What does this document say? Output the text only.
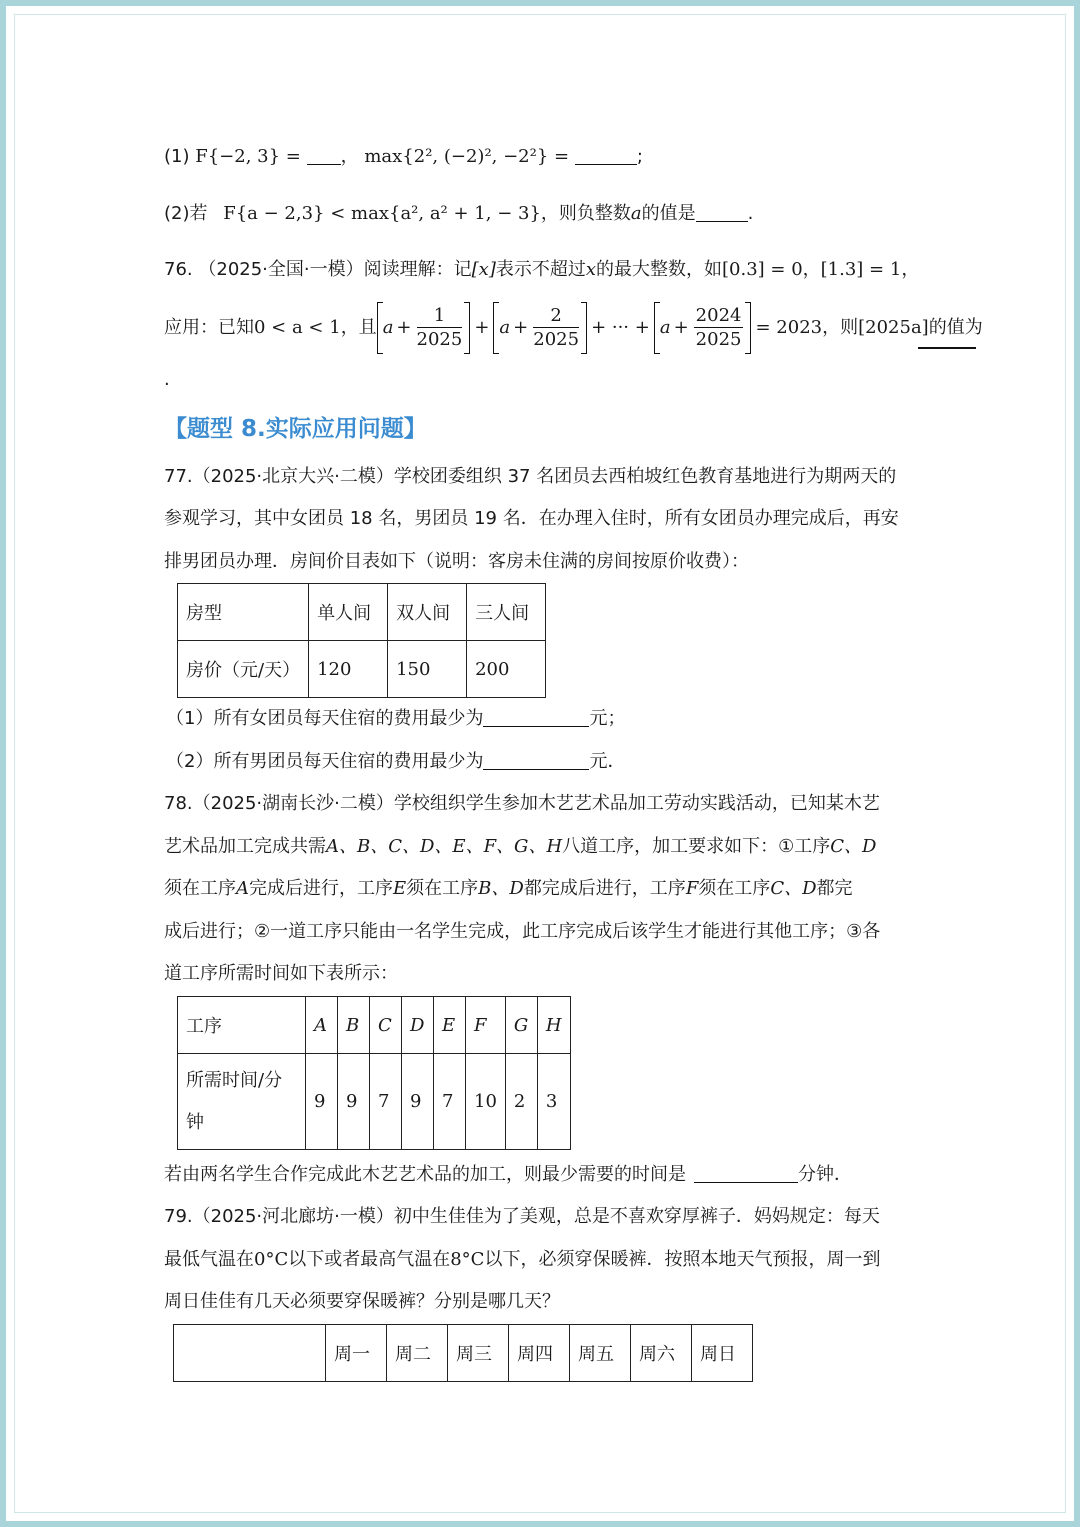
(1) F{−2, 3} = ， max{2², (−2)², −2²} =	;
(2)若 F{a − 2,3} < max{a², a² + 1, − 3}，则负整数a的值是	.
76. （2025·全国·一模）阅读理解：记[x]表示不超过x的最大整数，如[0.3] = 0，[1.3] = 1，
应用：已知 0 < a < 1 ，且 $a + \frac{1}{2025} + a + \frac{2}{2025}$ + ··· + $a + \frac{2024}{2025} = 2023$ ，则 [2025a] 的值为
.
【题型 8.实际应用问题】
77.（2025·北京大兴·二模）学校团委组织 37 名团员去西柏坡红色教育基地进行为期两天的
参观学习，其中女团员 18 名，男团员 19 名．在办理入住时，所有女团员办理完成后，再安
排男团员办理．房间价目表如下（说明：客房未住满的房间按原价收费）：
房型	单人间	双人间	三人间
房价（元/天）	120	150	200
（1）所有女团员每天住宿的费用最少为	元；
（2）所有男团员每天住宿的费用最少为	元．
78.（2025·湖南长沙·二模）学校组织学生参加木艺艺术品加工劳动实践活动，已知某木艺
艺术品加工完成共需A、B、C、D、E、F、G、H八道工序，加工要求如下：①工序C、D
须在工序A完成后进行，工序E须在工序B、D都完成后进行，工序F须在工序C、D都完
成后进行；②一道工序只能由一名学生完成，此工序完成后该学生才能进行其他工序；③各
道工序所需时间如下表所示：
工序	A	B	C	D	E	F	G	H
所需时间/分
钟	9	9	7	9	7	10	2	3
若由两名学生合作完成此木艺艺术品的加工，则最少需要的时间是	分钟．
79.（2025·河北廊坊·一模）初中生佳佳为了美观，总是不喜欢穿厚裤子．妈妈规定：每天
最低气温在0°C以下或者最高气温在8°C以下，必须穿保暖裤．按照本地天气预报，周一到
周日佳佳有几天必须要穿保暖裤？分别是哪几天？
	周一	周二	周三	周四	周五	周六	周日
